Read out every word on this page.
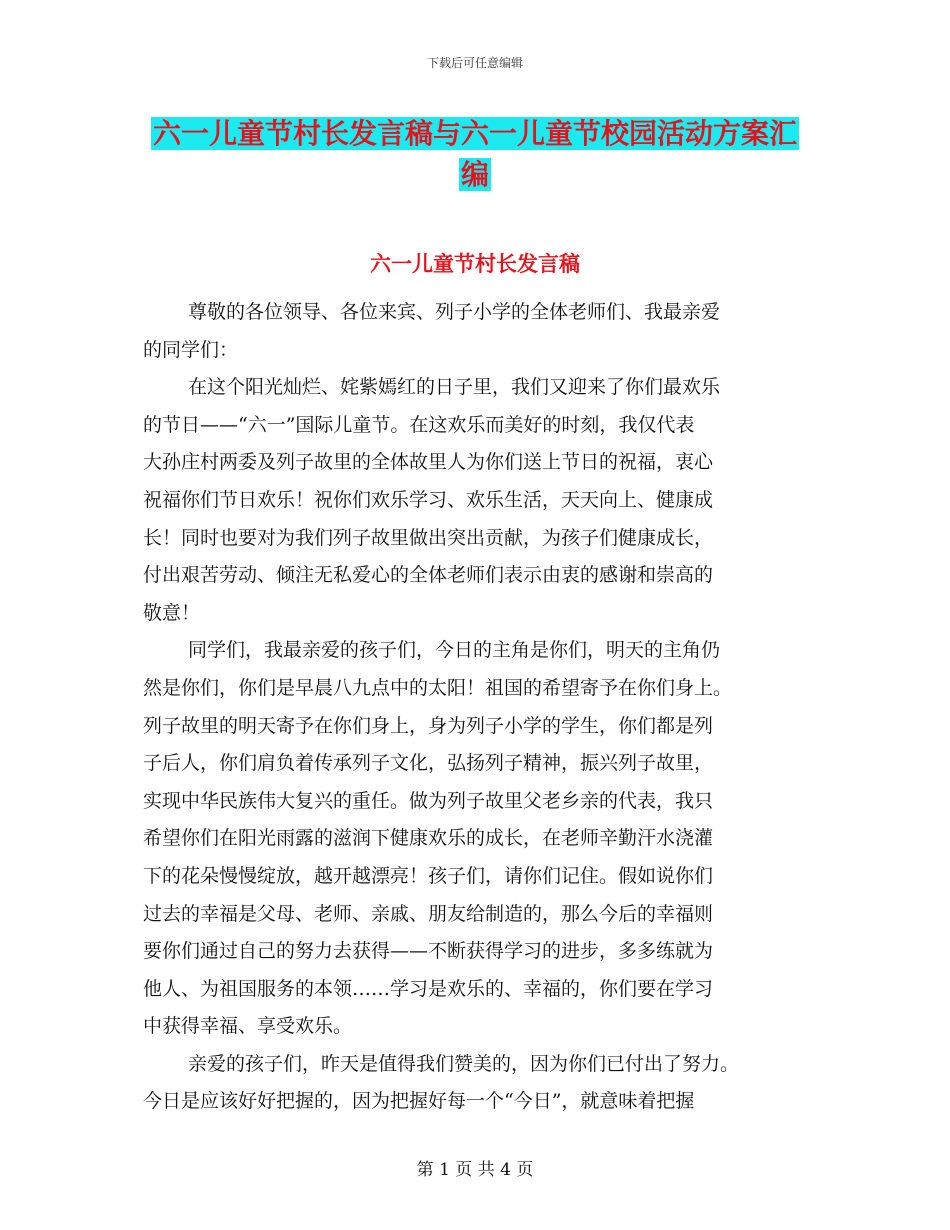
下载后可任意编辑
六一儿童节村长发言稿与六一儿童节校园活动方案汇
编
六一儿童节村长发言稿
尊敬的各位领导、各位来宾、列子小学的全体老师们、我最亲爱
的同学们：
在这个阳光灿烂、姹紫嫣红的日子里，我们又迎来了你们最欢乐
的节日——“六一”国际儿童节。在这欢乐而美好的时刻，我仅代表
大孙庄村两委及列子故里的全体故里人为你们送上节日的祝福，衷心
祝福你们节日欢乐！祝你们欢乐学习、欢乐生活，天天向上、健康成
长！同时也要对为我们列子故里做出突出贡献，为孩子们健康成长，
付出艰苦劳动、倾注无私爱心的全体老师们表示由衷的感谢和崇高的
敬意！
同学们，我最亲爱的孩子们，今日的主角是你们，明天的主角仍
然是你们，你们是早晨八九点中的太阳！祖国的希望寄予在你们身上。
列子故里的明天寄予在你们身上，身为列子小学的学生，你们都是列
子后人，你们肩负着传承列子文化，弘扬列子精神，振兴列子故里，
实现中华民族伟大复兴的重任。做为列子故里父老乡亲的代表，我只
希望你们在阳光雨露的滋润下健康欢乐的成长，在老师辛勤汗水浇灌
下的花朵慢慢绽放，越开越漂亮！孩子们，请你们记住。假如说你们
过去的幸福是父母、老师、亲戚、朋友给制造的，那么今后的幸福则
要你们通过自己的努力去获得——不断获得学习的进步，多多练就为
他人、为祖国服务的本领……学习是欢乐的、幸福的，你们要在学习
中获得幸福、享受欢乐。
亲爱的孩子们，昨天是值得我们赞美的，因为你们已付出了努力。
今日是应该好好把握的，因为把握好每一个“今日”，就意味着把握
第 1 页 共 4 页
